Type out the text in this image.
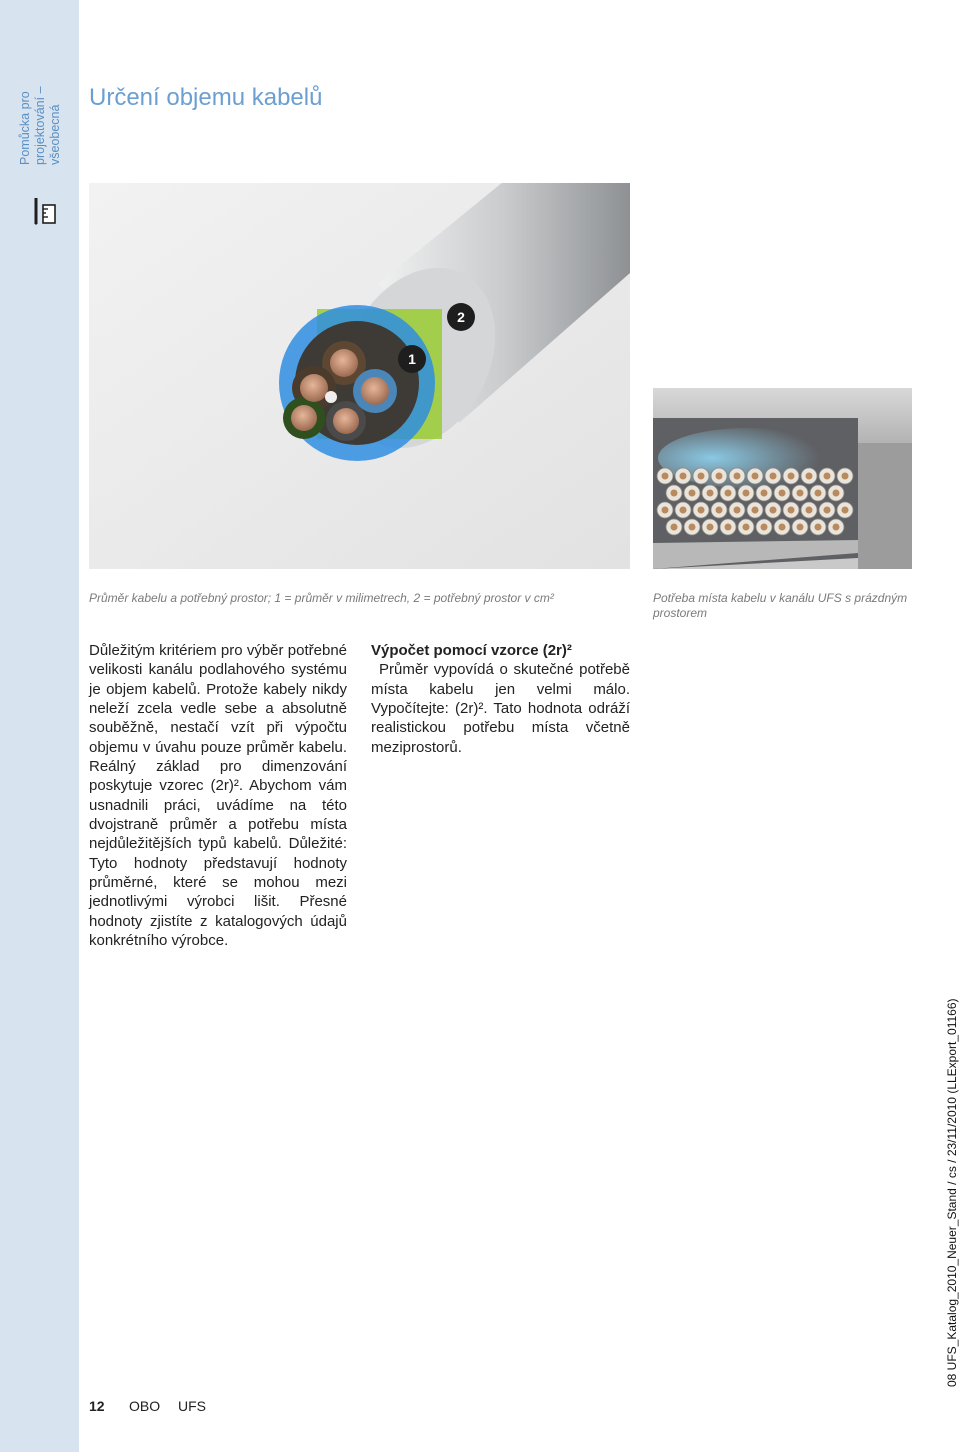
Pomůcka pro projektování – všeobecná
Určení objemu kabelů
1
2

Průměr kabelu a potřebný prostor; 1 = průměr v milimetrech, 2 = potřebný prostor v cm²	Potřeba místa kabelu v kanálu UFS s prázdným prostorem

Důležitým kritériem pro výběr potřebné velikosti kanálu podlahového systému je objem kabelů. Protože kabely nikdy neleží zcela vedle sebe a absolutně souběžně, nestačí vzít při výpočtu objemu v úvahu pouze průměr kabelu. Reálný základ pro dimenzování poskytuje vzorec (2r)². Abychom vám usnadnili práci, uvádíme na této dvojstraně průměr a potřebu místa nejdůležitějších typů kabelů. Důležité: Tyto hodnoty představují hodnoty průměrné, které se mohou mezi jednotlivými výrobci lišit. Přesné hodnoty zjistíte z katalogových údajů konkrétního výrobce.

Výpočet pomocí vzorce (2r)²

Průměr vypovídá o skutečné potřebě místa kabelu jen velmi málo. Vypočítejte: (2r)². Tato hodnota odráží realistickou potřebu místa včetně meziprostorů.

12 OBO UFS
08 UFS_Katalog_2010_Neuer_Stand / cs / 23/11/2010 (LLExport_01166)
